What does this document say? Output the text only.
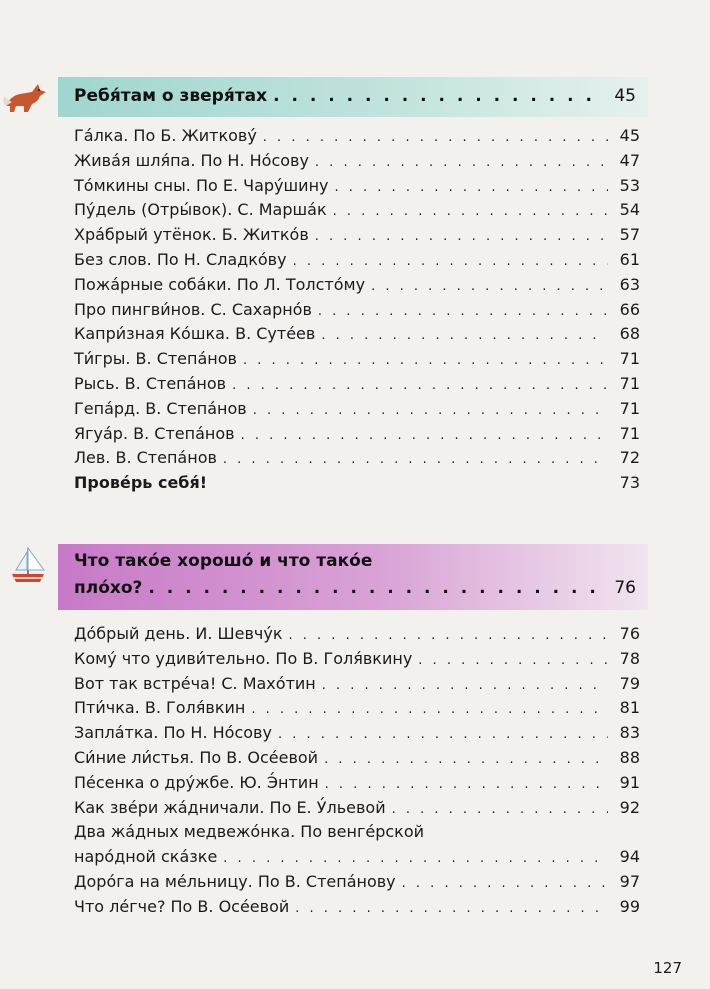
Ребя́там о звеpя́тах . . .	45
Га́лка. По Б. Житкову́ . . .	45
Жива́я шля́па. По Н. Но́сову . . .	47
То́мкины сны. По Е. Чару́шину . . .	53
Пу́дель (Отры́вок). С. Марша́к . . .	54
Хра́брый утёнок. Б. Житко́в . . .	57
Без слов. По Н. Сладко́ву . . .	61
Пожа́рные соба́ки. По Л. Толсто́му . . .	63
Про пингви́нов. С. Сахарно́в . . .	66
Капри́зная Ко́шка. В. Суте́ев . . .	68
Ти́гры. В. Степа́нов . . .	71
Рысь. В. Степа́нов . . .	71
Гепа́рд. В. Степа́нов . . .	71
Ягуа́р. В. Степа́нов . . .	71
Лев. В. Степа́нов . . .	72
Прове́рь себя́!	73
Что тако́е хорошо́ и что тако́е
пло́хо? . . .	76
До́брый день. И. Шевчу́к . . .	76
Кому́ что удиви́тельно. По В. Голя́вкину . . .	78
Вот так встре́ча! С. Махо́тин . . .	79
Пти́чка. В. Голя́вкин . . .	81
Запла́тка. По Н. Но́сову . . .	83
Си́ние ли́стья. По В. Осе́евой . . .	88
Пе́сенка о дру́жбе. Ю. Э́нтин . . .	91
Как звéри жа́дничали. По Е. У́льевой . . .	92
Два жа́дных медвежо́нка. По венге́рской
наро́дной ска́зке . . .	94
Доро́га на ме́льницу. По В. Степа́нову . . .	97
Что ле́гче? По В. Осе́евой . . .	99
127
